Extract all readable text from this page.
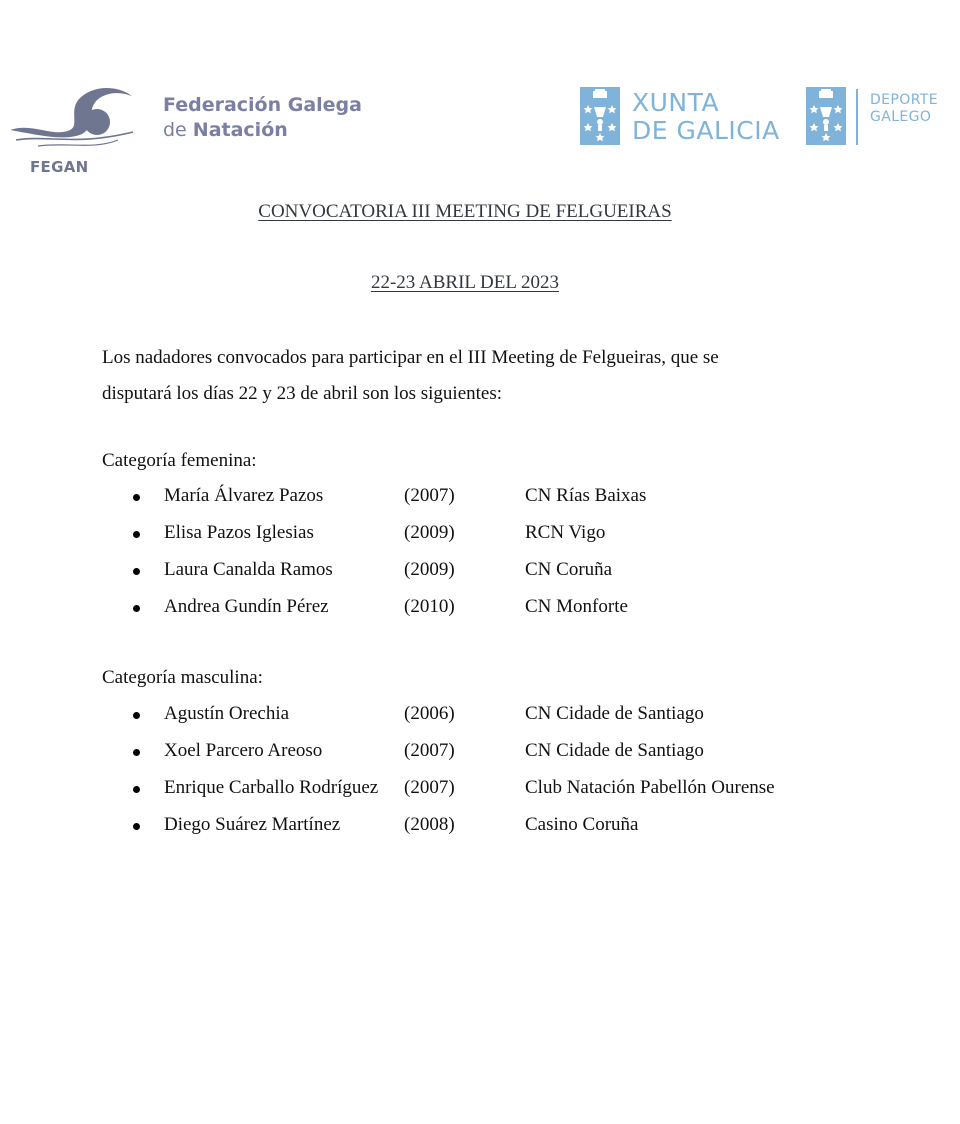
FEGAN
Federación Galega
de Natación
XUNTA
DE GALICIA
DEPORTE
GALEGO
CONVOCATORIA III MEETING DE FELGUEIRAS
22-23 ABRIL DEL 2023
Los nadadores convocados para participar en el III Meeting de Felgueiras, que se
disputará los días 22 y 23 de abril son los siguientes:
Categoría femenina:
María Álvarez Pazos	(2007)	CN Rías Baixas
Elisa Pazos Iglesias	(2009)	RCN Vigo
Laura Canalda Ramos	(2009)	CN Coruña
Andrea Gundín Pérez	(2010)	CN Monforte
Categoría masculina:
Agustín Orechia	(2006)	CN Cidade de Santiago
Xoel Parcero Areoso	(2007)	CN Cidade de Santiago
Enrique Carballo Rodríguez (2007)	Club Natación Pabellón Ourense
Diego Suárez Martínez	(2008)	Casino Coruña
